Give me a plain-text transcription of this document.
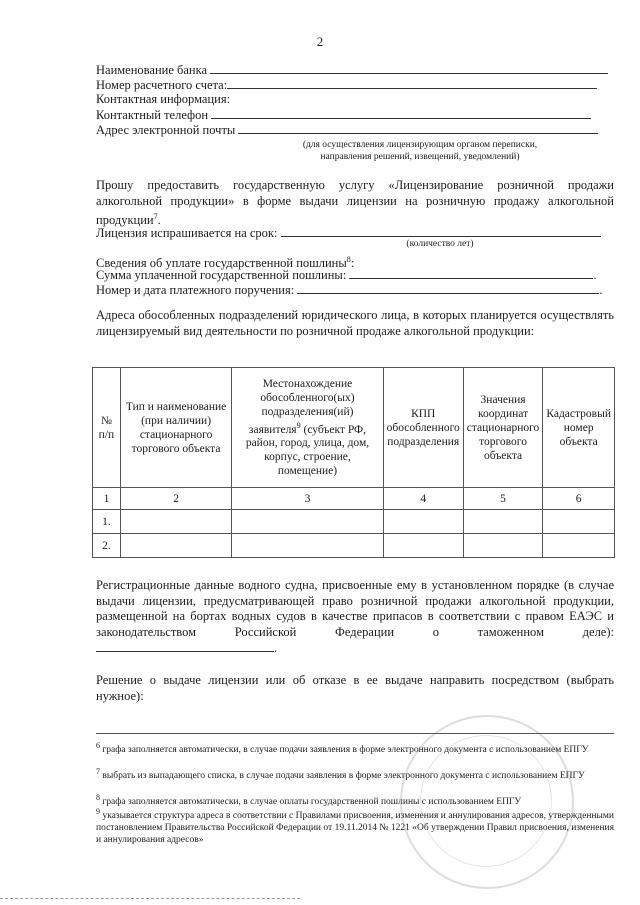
2
Наименование банка
Номер расчетного счета:
Контактная информация:
Контактный телефон
Адрес электронной почты
(для осуществления лицензирующим органом переписки,
направления решений, извещений, уведомлений)
Прошу предоставить государственную услугу «Лицензирование розничной продажи алкогольной продукции» в форме выдачи лицензии на розничную продажу алкогольной продукции$^7$.
Лицензия испрашивается на срок:
(количество лет)
Сведения об уплате государственной пошлины$^8$:
Сумма уплаченной государственной пошлины:	.
Номер и дата платежного поручения:	.
Адреса обособленных подразделений юридического лица, в которых планируется осуществлять лицензируемый вид деятельности по розничной продаже алкогольной продукции:
№ п/п	Тип и наименование (при наличии) стационарного торгового объекта	Местонахождение обособленного(ых) подразделения(ий) заявителя$^9$ (субъект РФ, район, город, улица, дом, корпус, строение, помещение)	КПП обособленного подразделения	Значения координат стационарного торгового объекта	Кадастровый номер объекта
1	2	3	4	5	6
1.					
2.					
Регистрационные данные водного судна, присвоенные ему в установленном порядке (в случае выдачи лицензии, предусматривающей право розничной продажи алкогольной продукции, размещенной на бортах водных судов в качестве припасов в соответствии с правом ЕАЭС и законодательством Российской Федерации о таможенном деле):.
Решение о выдаче лицензии или об отказе в ее выдаче направить посредством (выбрать нужное):
$^6$ графа заполняется автоматически, в случае подачи заявления в форме электронного документа с использованием ЕПГУ
$^7$ выбрать из выпадающего списка, в случае подачи заявления в форме электронного документа с использованием ЕПГУ
$^8$ графа заполняется автоматически, в случае оплаты государственной пошлины с использованием ЕПГУ
$^9$ указывается структура адреса в соответствии с Правилами присвоения, изменения и аннулирования адресов, утвержденными постановлением Правительства Российской Федерации от 19.11.2014 № 1221 «Об утверждении Правил присвоения, изменения и аннулирования адресов»
